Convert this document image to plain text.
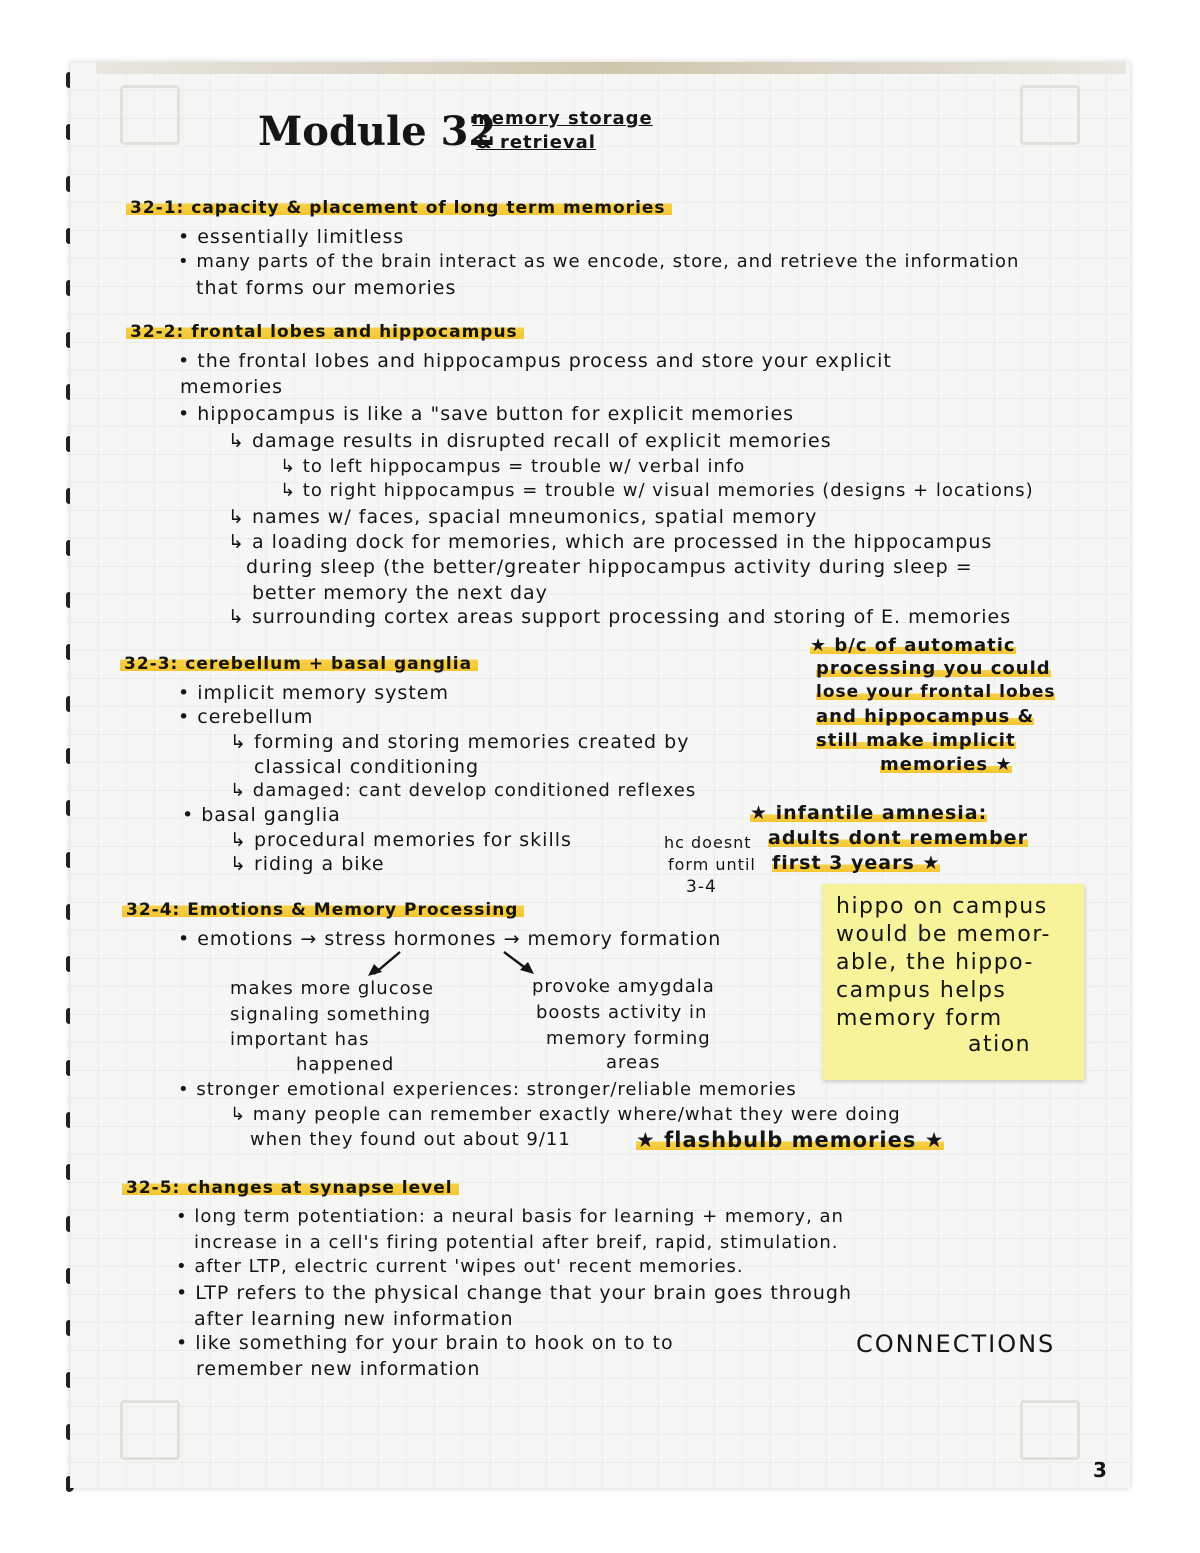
Module 32
memory storage
& retrieval
32-1: capacity & placement of long term memories
• essentially limitless
• many parts of the brain interact as we encode, store, and retrieve the information
that forms our memories
32-2: frontal lobes and hippocampus
• the frontal lobes and hippocampus process and store your explicit
memories
• hippocampus is like a "save button for explicit memories
↳ damage results in disrupted recall of explicit memories
↳ to left hippocampus = trouble w/ verbal info
↳ to right hippocampus = trouble w/ visual memories (designs + locations)
↳ names w/ faces, spacial mneumonics, spatial memory
↳ a loading dock for memories, which are processed in the hippocampus
during sleep (the better/greater hippocampus activity during sleep =
better memory the next day
↳ surrounding cortex areas support processing and storing of E. memories
32-3: cerebellum + basal ganglia
• implicit memory system
• cerebellum
↳ forming and storing memories created by
classical conditioning
↳ damaged: cant develop conditioned reflexes
• basal ganglia
↳ procedural memories for skills
↳ riding a bike
★ b/c of automatic
processing you could
lose your frontal lobes
and hippocampus &
still make implicit
memories ★
★ infantile amnesia:
adults dont remember
first 3 years ★
hc doesnt
form until
3-4
32-4: Emotions & Memory Processing
• emotions → stress hormones → memory formation
makes more glucose
signaling something
important has
happened
provoke amygdala
boosts activity in
memory forming
areas
• stronger emotional experiences: stronger/reliable memories
↳ many people can remember exactly where/what they were doing
when they found out about 9/11	★ flashbulb memories ★
hippo on campus
would be memor-
able, the hippo-
campus helps
memory form
ation
32-5: changes at synapse level
• long term potentiation: a neural basis for learning + memory, an
increase in a cell's firing potential after breif, rapid, stimulation.
• after LTP, electric current 'wipes out' recent memories.
• LTP refers to the physical change that your brain goes through
after learning new information
• like something for your brain to hook on to to
remember new information
CONNECTIONS
3
